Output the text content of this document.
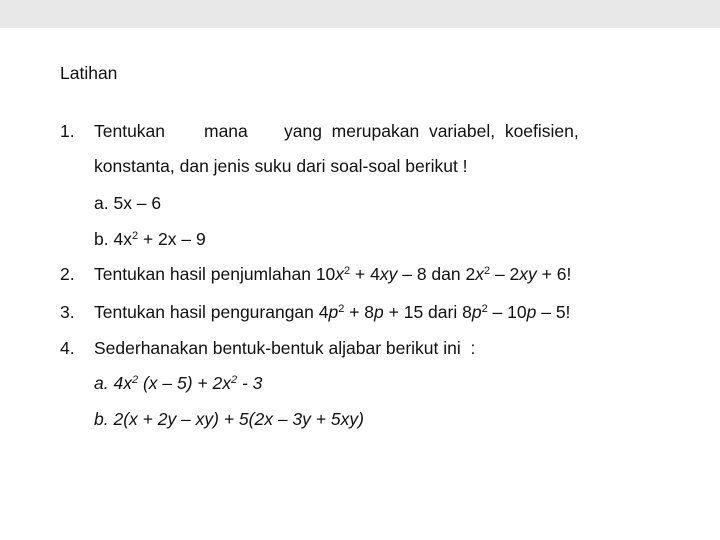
Latihan
1. Tentukan mana yang  merupakan  variabel,  koefisien,
konstanta, dan jenis suku dari soal-soal berikut !
a. 5x – 6
b. $4x^2 + 2x - 9$
2. Tentukan hasil penjumlahan $10x^2 + 4xy - 8$ dan $2x^2 - 2xy + 6$!
3. Tentukan hasil pengurangan $4p^2 + 8p + 15$ dari $8p^2 - 10p - 5$!
4. Sederhanakan bentuk-bentuk aljabar berikut ini  :
a. $4x^2$ $(x - 5) + 2x^2 - 3$
b. 2(x + 2y – xy) + 5(2x – 3y + 5xy)
